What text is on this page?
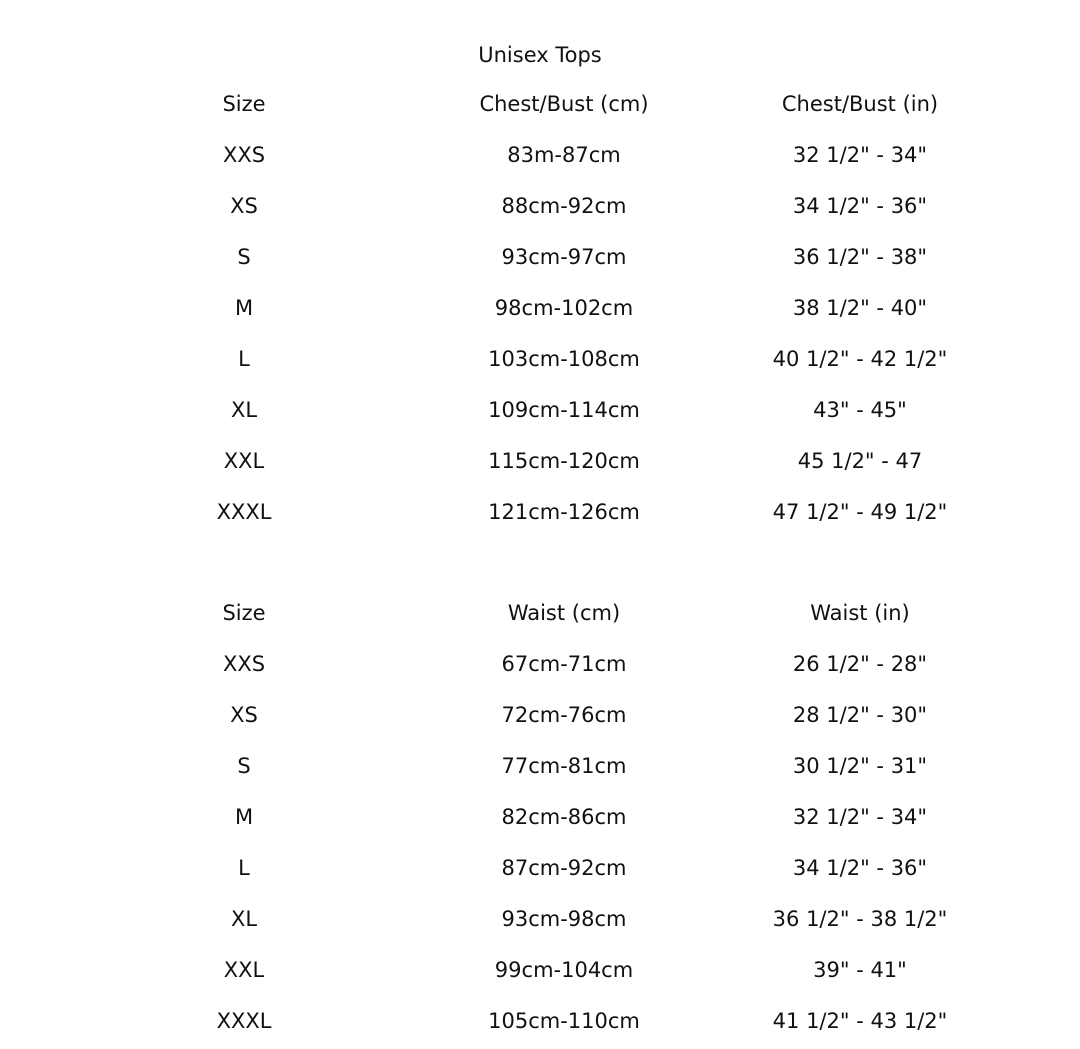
Unisex Tops
Size	Chest/Bust (cm)	Chest/Bust (in)
XXS	83m-87cm	32 1/2" - 34"
XS	88cm-92cm	34 1/2" - 36"
S	93cm-97cm	36 1/2" - 38"
M	98cm-102cm	38 1/2" - 40"
L	103cm-108cm	40 1/2" - 42 1/2"
XL	109cm-114cm	43" - 45"
XXL	115cm-120cm	45 1/2" - 47
XXXL	121cm-126cm	47 1/2" - 49 1/2"
Size	Waist (cm)	Waist (in)
XXS	67cm-71cm	26 1/2" - 28"
XS	72cm-76cm	28 1/2" - 30"
S	77cm-81cm	30 1/2" - 31"
M	82cm-86cm	32 1/2" - 34"
L	87cm-92cm	34 1/2" - 36"
XL	93cm-98cm	36 1/2" - 38 1/2"
XXL	99cm-104cm	39" - 41"
XXXL	105cm-110cm	41 1/2" - 43 1/2"
